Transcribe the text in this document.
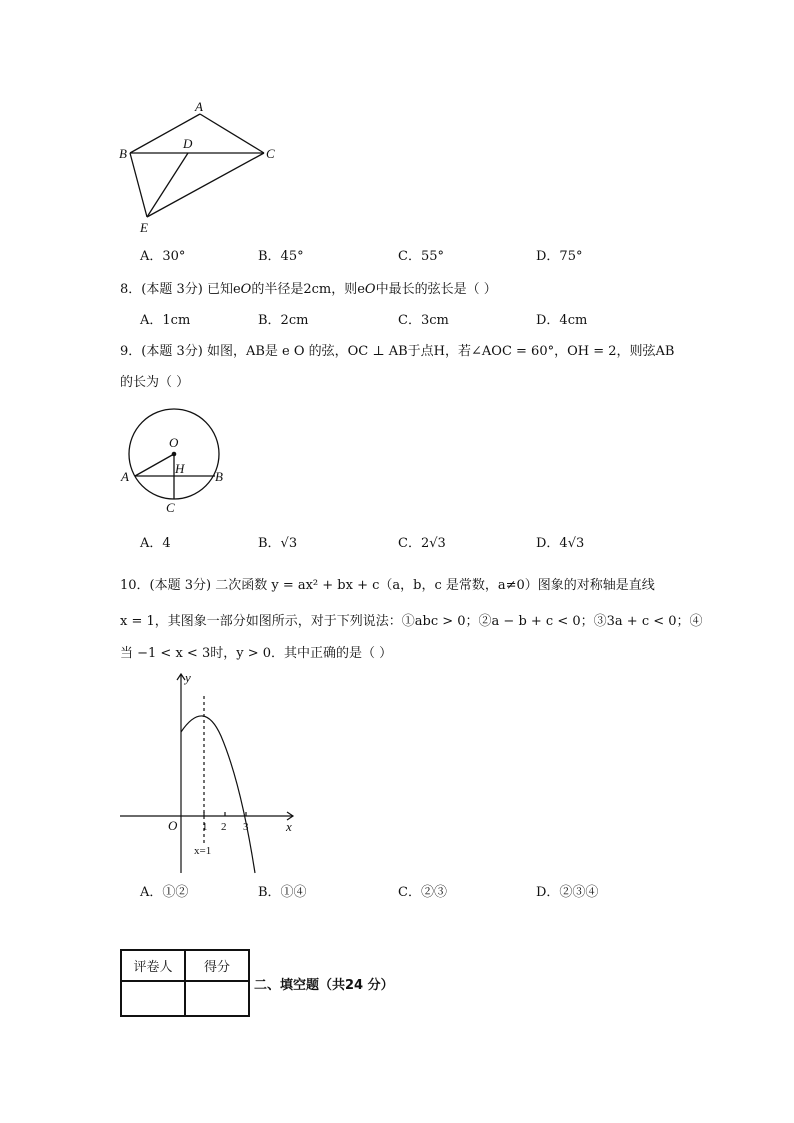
A
B	C
D
E
A．30°	B．45°	C．55°	D．75°
8．(本题 3分) 已知eO的半径是2cm，则eO中最长的弦长是（ ）
A．1cm	B．2cm	C．3cm	D．4cm
9．(本题 3分) 如图，AB是 e O 的弦，OC ⊥ AB于点H，若∠AOC = 60°，OH = 2，则弦AB
的长为（ ）
O
H
A	B
C
A．4	B．√3	C．2√3	D．4√3
10．(本题 3分) 二次函数 y = ax² + bx + c（a，b，c 是常数，a≠0）图象的对称轴是直线
x = 1，其图象一部分如图所示，对于下列说法：①abc > 0；②a − b + c < 0；③3a + c < 0；④
当 −1 < x < 3时，y > 0．其中正确的是（ ）
y
x
O 1 2 3
x=1
A．①②	B．①④	C．②③	D．②③④
评卷人	得分

二、填空题（共24 分）
